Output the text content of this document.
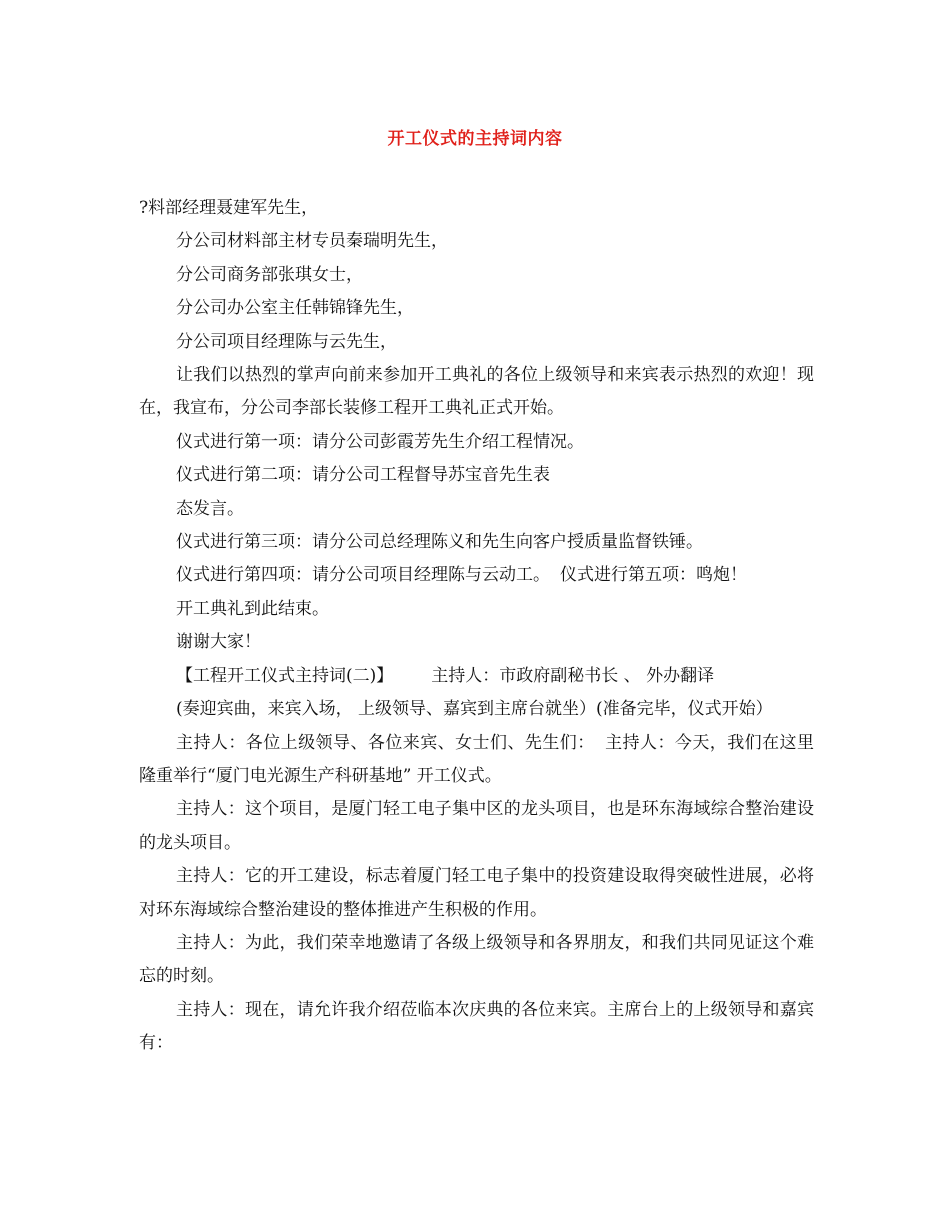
开工仪式的主持词内容

?料部经理聂建军先生，

分公司材料部主材专员秦瑞明先生，

分公司商务部张琪女士，

分公司办公室主任韩锦锋先生，

分公司项目经理陈与云先生，

让我们以热烈的掌声向前来参加开工典礼的各位上级领导和来宾表示热烈的欢迎！现在，我宣布，分公司李部长装修工程开工典礼正式开始。

仪式进行第一项：请分公司彭霞芳先生介绍工程情况。

仪式进行第二项：请分公司工程督导苏宝音先生表

态发言。

仪式进行第三项：请分公司总经理陈义和先生向客户授质量监督铁锤。

仪式进行第四项：请分公司项目经理陈与云动工。 仪式进行第五项：鸣炮！

开工典礼到此结束。

谢谢大家！

【工程开工仪式主持词(二)】 主持人：市政府副秘书长 、 外办翻译

(奏迎宾曲，来宾入场， 上级领导、嘉宾到主席台就坐）(准备完毕，仪式开始）

主持人：各位上级领导、各位来宾、女士们、先生们： 主持人：今天，我们在这里隆重举行“厦门电光源生产科研基地” 开工仪式。

主持人：这个项目，是厦门轻工电子集中区的龙头项目，也是环东海域综合整治建设的龙头项目。

主持人：它的开工建设，标志着厦门轻工电子集中的投资建设取得突破性进展，必将对环东海域综合整治建设的整体推进产生积极的作用。

主持人：为此，我们荣幸地邀请了各级上级领导和各界朋友，和我们共同见证这个难忘的时刻。

主持人：现在，请允许我介绍莅临本次庆典的各位来宾。主席台上的上级领导和嘉宾有：
